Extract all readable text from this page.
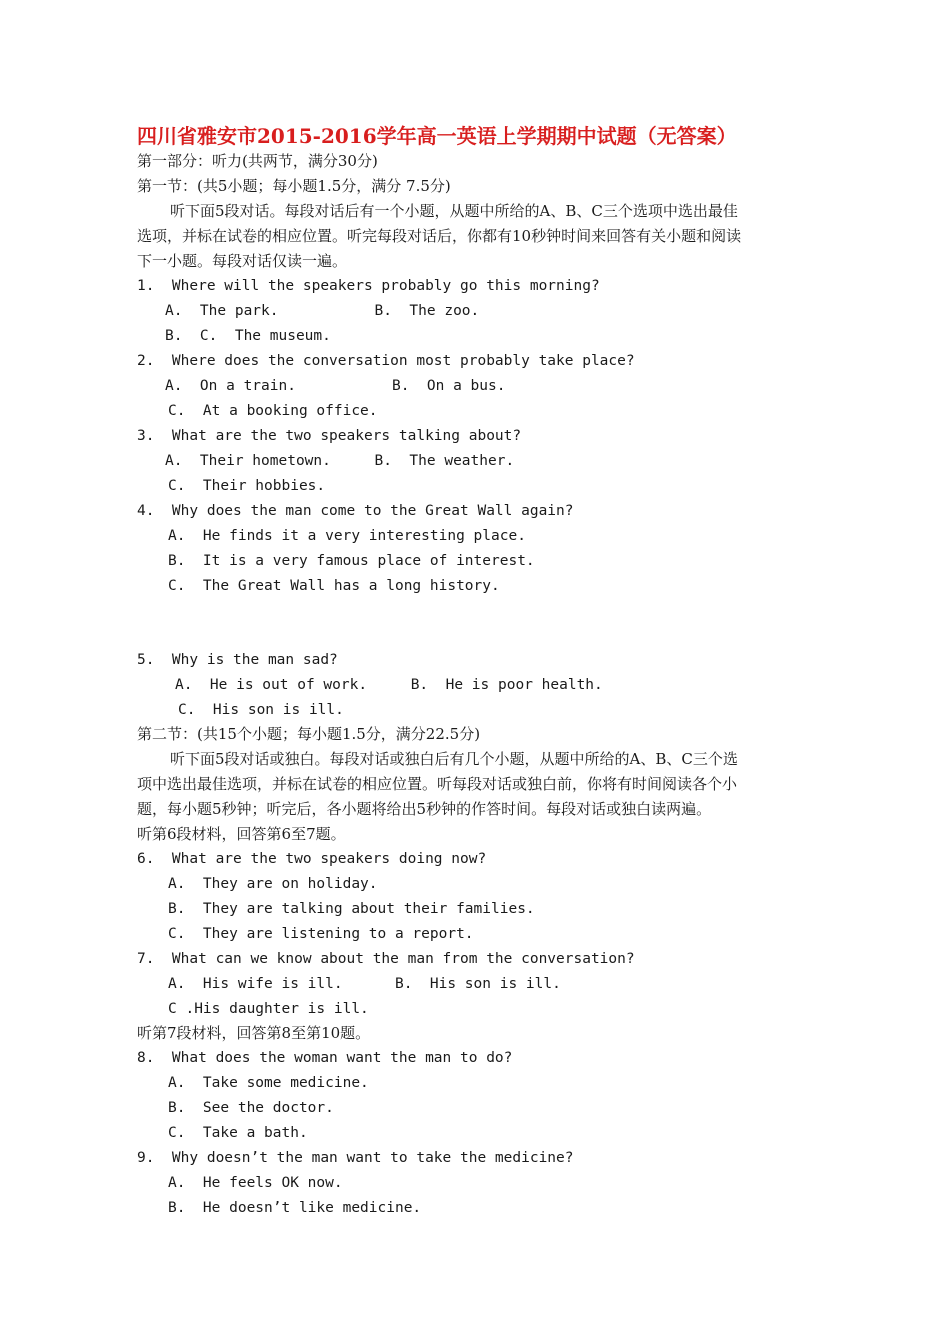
四川省雅安市2015-2016学年高一英语上学期期中试题（无答案）
第一部分：听力(共两节，满分30分)
第一节：(共5小题；每小题1.5分，满分 7.5分)
听下面5段对话。每段对话后有一个小题，从题中所给的A、B、C三个选项中选出最佳
选项，并标在试卷的相应位置。听完每段对话后，你都有10秒钟时间来回答有关小题和阅读
下一小题。每段对话仅读一遍。
1.  Where will the speakers probably go this morning?
A.  The park.           B.  The zoo.
B.  C.  The museum.
2.  Where does the conversation most probably take place?
A.  On a train.           B.  On a bus.
C.  At a booking office.
3.  What are the two speakers talking about?
A.  Their hometown.     B.  The weather.
C.  Their hobbies.
4.  Why does the man come to the Great Wall again?
A.  He finds it a very interesting place.
B.  It is a very famous place of interest.
C.  The Great Wall has a long history.
5.  Why is the man sad?
A.  He is out of work.     B.  He is poor health.
C.  His son is ill.
第二节：(共15个小题；每小题1.5分，满分22.5分)
听下面5段对话或独白。每段对话或独白后有几个小题，从题中所给的A、B、C三个选
项中选出最佳选项，并标在试卷的相应位置。听每段对话或独白前，你将有时间阅读各个小
题，每小题5秒钟；听完后，各小题将给出5秒钟的作答时间。每段对话或独白读两遍。
听第6段材料，回答第6至7题。
6.  What are the two speakers doing now?
A.  They are on holiday.
B.  They are talking about their families.
C.  They are listening to a report.
7.  What can we know about the man from the conversation?
A.  His wife is ill.      B.  His son is ill.
C .His daughter is ill.
听第7段材料，回答第8至第10题。
8.  What does the woman want the man to do?
A.  Take some medicine.
B.  See the doctor.
C.  Take a bath.
9.  Why doesn’t the man want to take the medicine?
A.  He feels OK now.
B.  He doesn’t like medicine.
